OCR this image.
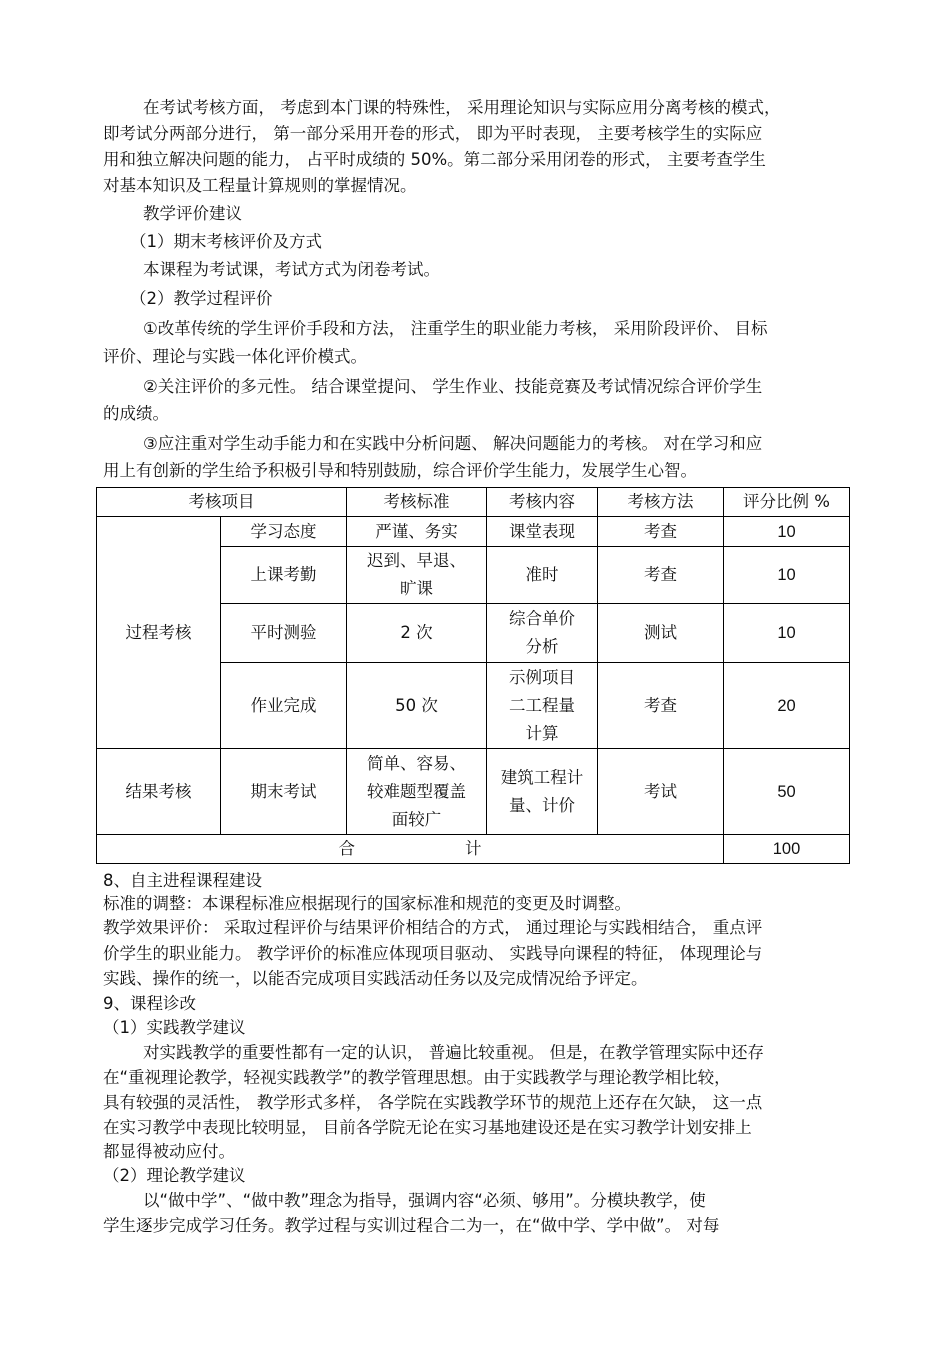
在考试考核方面， 考虑到本门课的特殊性， 采用理论知识与实际应用分离考核的模式，
即考试分两部分进行， 第一部分采用开卷的形式， 即为平时表现， 主要考核学生的实际应
用和独立解决问题的能力， 占平时成绩的 50%。第二部分采用闭卷的形式， 主要考查学生
对基本知识及工程量计算规则的掌握情况。
教学评价建议
（1）期末考核评价及方式
本课程为考试课，考试方式为闭卷考试。
（2）教学过程评价
①改革传统的学生评价手段和方法， 注重学生的职业能力考核， 采用阶段评价、 目标
评价、理论与实践一体化评价模式。
②关注评价的多元性。 结合课堂提问、 学生作业、技能竞赛及考试情况综合评价学生
的成绩。
③应注重对学生动手能力和在实践中分析问题、 解决问题能力的考核。 对在学习和应
用上有创新的学生给予积极引导和特别鼓励，综合评价学生能力，发展学生心智。
考核项目		考核标准	考核内容	考核方法	评分比例 %
过程考核	学习态度	严谨、务实	课堂表现	考查	10
	上课考勤	迟到、早退、旷课	准时	考查	10
	平时测验	2 次	综合单价分析	测试	10
	作业完成	50 次	示例项目二工程量计算	考查	20
结果考核	期末考试	简单、容易、较难题型覆盖面较广	建筑工程计量、计价	考试	50
合 计					100
8、自主进程课程建设
标准的调整：本课程标准应根据现行的国家标准和规范的变更及时调整。
教学效果评价： 采取过程评价与结果评价相结合的方式， 通过理论与实践相结合， 重点评
价学生的职业能力。 教学评价的标准应体现项目驱动、 实践导向课程的特征， 体现理论与
实践、操作的统一，以能否完成项目实践活动任务以及完成情况给予评定。
9、课程诊改
（1）实践教学建议
对实践教学的重要性都有一定的认识， 普遍比较重视。 但是，在教学管理实际中还存
在“重视理论教学，轻视实践教学”的教学管理思想。由于实践教学与理论教学相比较，
具有较强的灵活性， 教学形式多样， 各学院在实践教学环节的规范上还存在欠缺， 这一点
在实习教学中表现比较明显， 目前各学院无论在实习基地建设还是在实习教学计划安排上
都显得被动应付。
（2）理论教学建议
以“做中学”、“做中教”理念为指导，强调内容“必须、够用”。分模块教学，使
学生逐步完成学习任务。教学过程与实训过程合二为一，在“做中学、学中做”。 对每
